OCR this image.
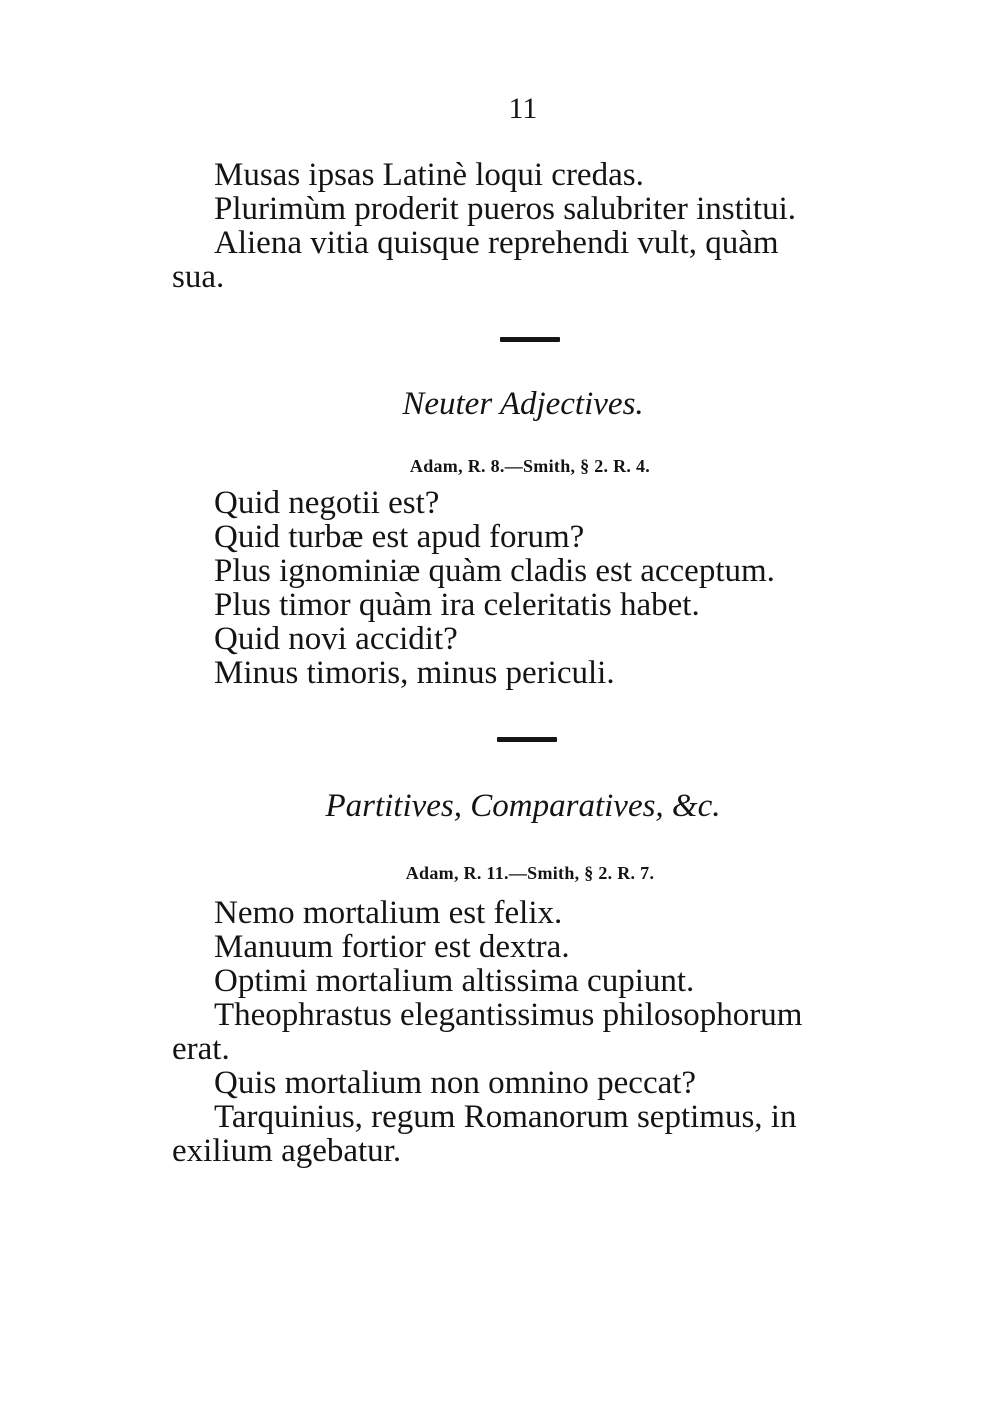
11
Musas ipsas Latinè loqui credas.
Plurimùm proderit pueros salubriter institui.
Aliena vitia quisque reprehendi vult, quàm
sua.
Neuter Adjectives.
Adam, R. 8.—Smith, § 2. R. 4.
Quid negotii est?
Quid turbæ est apud forum?
Plus ignominiæ quàm cladis est acceptum.
Plus timor quàm ira celeritatis habet.
Quid novi accidit?
Minus timoris, minus periculi.
Partitives, Comparatives, &c.
Adam, R. 11.—Smith, § 2. R. 7.
Nemo mortalium est felix.
Manuum fortior est dextra.
Optimi mortalium altissima cupiunt.
Theophrastus elegantissimus philosophorum
erat.
Quis mortalium non omnino peccat?
Tarquinius, regum Romanorum septimus, in
exilium agebatur.
